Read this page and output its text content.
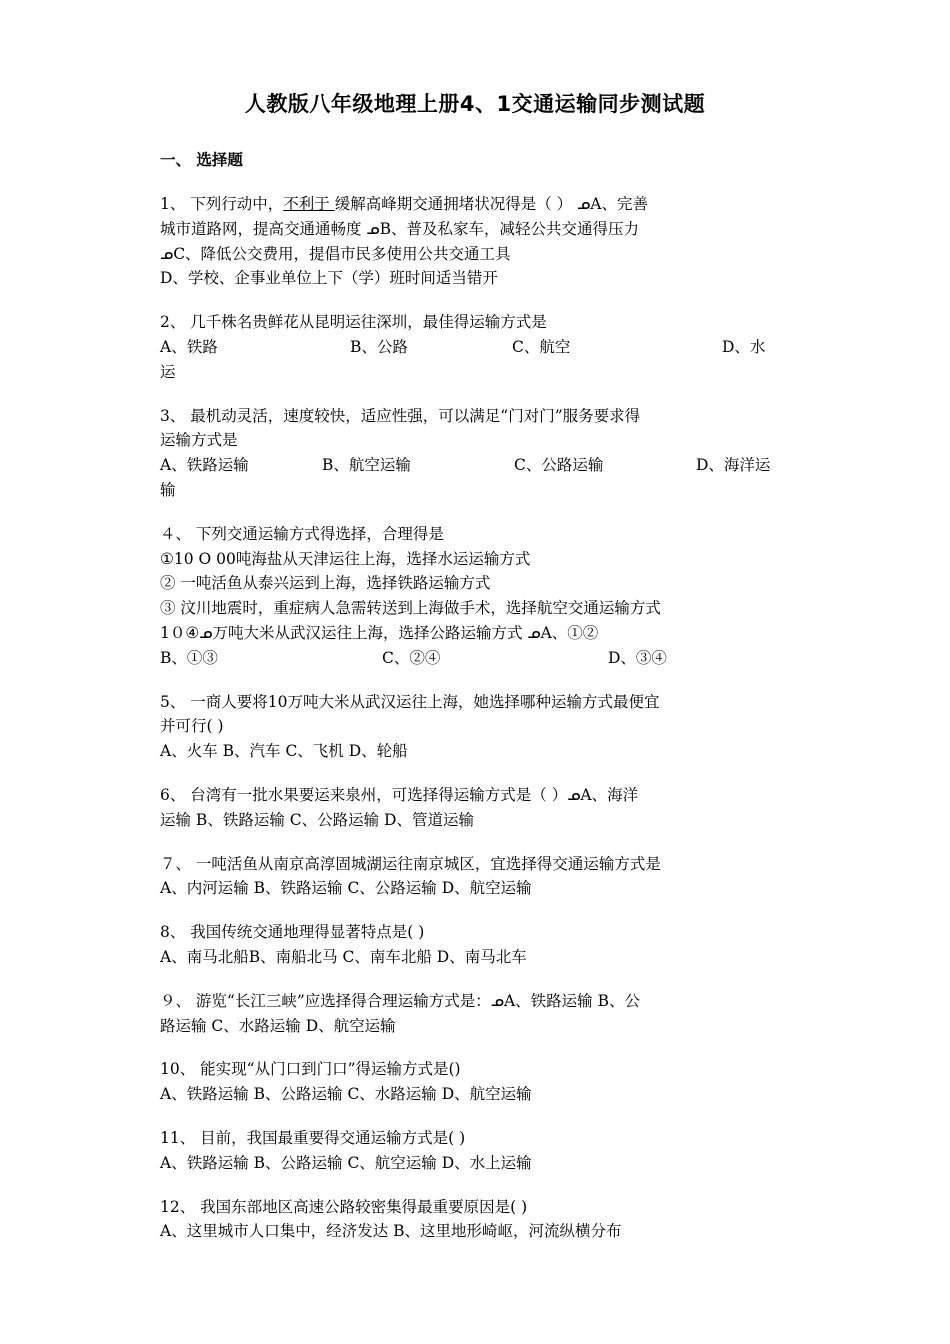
人教版八年级地理上册4、1交通运输同步测试题
一、 选择题
1、 下列行动中，不利于 缓解高峰期交通拥堵状况得是（ ） ᓄA、完善
城市道路网，提高交通通畅度 ᓄB、普及私家车，减轻公共交通得压力
ᓄC、降低公交费用，提倡市民多使用公共交通工具
D、学校、企事业单位上下（学）班时间适当错开
2、 几千株名贵鲜花从昆明运往深圳，最佳得运输方式是
A、铁路	B、公路	C、航空	D、水
运
3、 最机动灵活，速度较快，适应性强，可以满足“门对门”服务要求得
运输方式是
A、铁路运输	B、航空运输	C、公路运输	D、海洋运
输
４、 下列交通运输方式得选择，合理得是
①10 O 00吨海盐从天津运往上海，选择水运运输方式
② 一吨活鱼从泰兴运到上海，选择铁路运输方式
③ 汶川地震时，重症病人急需转送到上海做手术，选择航空交通运输方式
1０④ᓄ万吨大米从武汉运往上海，选择公路运输方式 ᓄA、①②
B、①③	C、②④	D、③④
5、 一商人要将10万吨大米从武汉运往上海，她选择哪种运输方式最便宜
并可行( )
A、火车 B、汽车 C、飞机 D、轮船
6、 台湾有一批水果要运来泉州，可选择得运输方式是（ ）ᓄA、海洋
运输 B、铁路运输 C、公路运输 D、管道运输
７、 一吨活鱼从南京高淳固城湖运往南京城区，宜选择得交通运输方式是
A、内河运输 B、铁路运输 C、公路运输 D、航空运输
8、 我国传统交通地理得显著特点是( )
A、南马北船B、南船北马 C、南车北船 D、南马北车
９、 游览“长江三峡”应选择得合理运输方式是：ᓄA、铁路运输 B、公
路运输 C、水路运输 D、航空运输
10、 能实现“从门口到门口”得运输方式是()
A、铁路运输 B、公路运输 C、水路运输 D、航空运输
11、 目前，我国最重要得交通运输方式是( )
A、铁路运输 B、公路运输 C、航空运输 D、水上运输
12、 我国东部地区高速公路较密集得最重要原因是( )
A、这里城市人口集中，经济发达 B、这里地形崎岖，河流纵横分布
